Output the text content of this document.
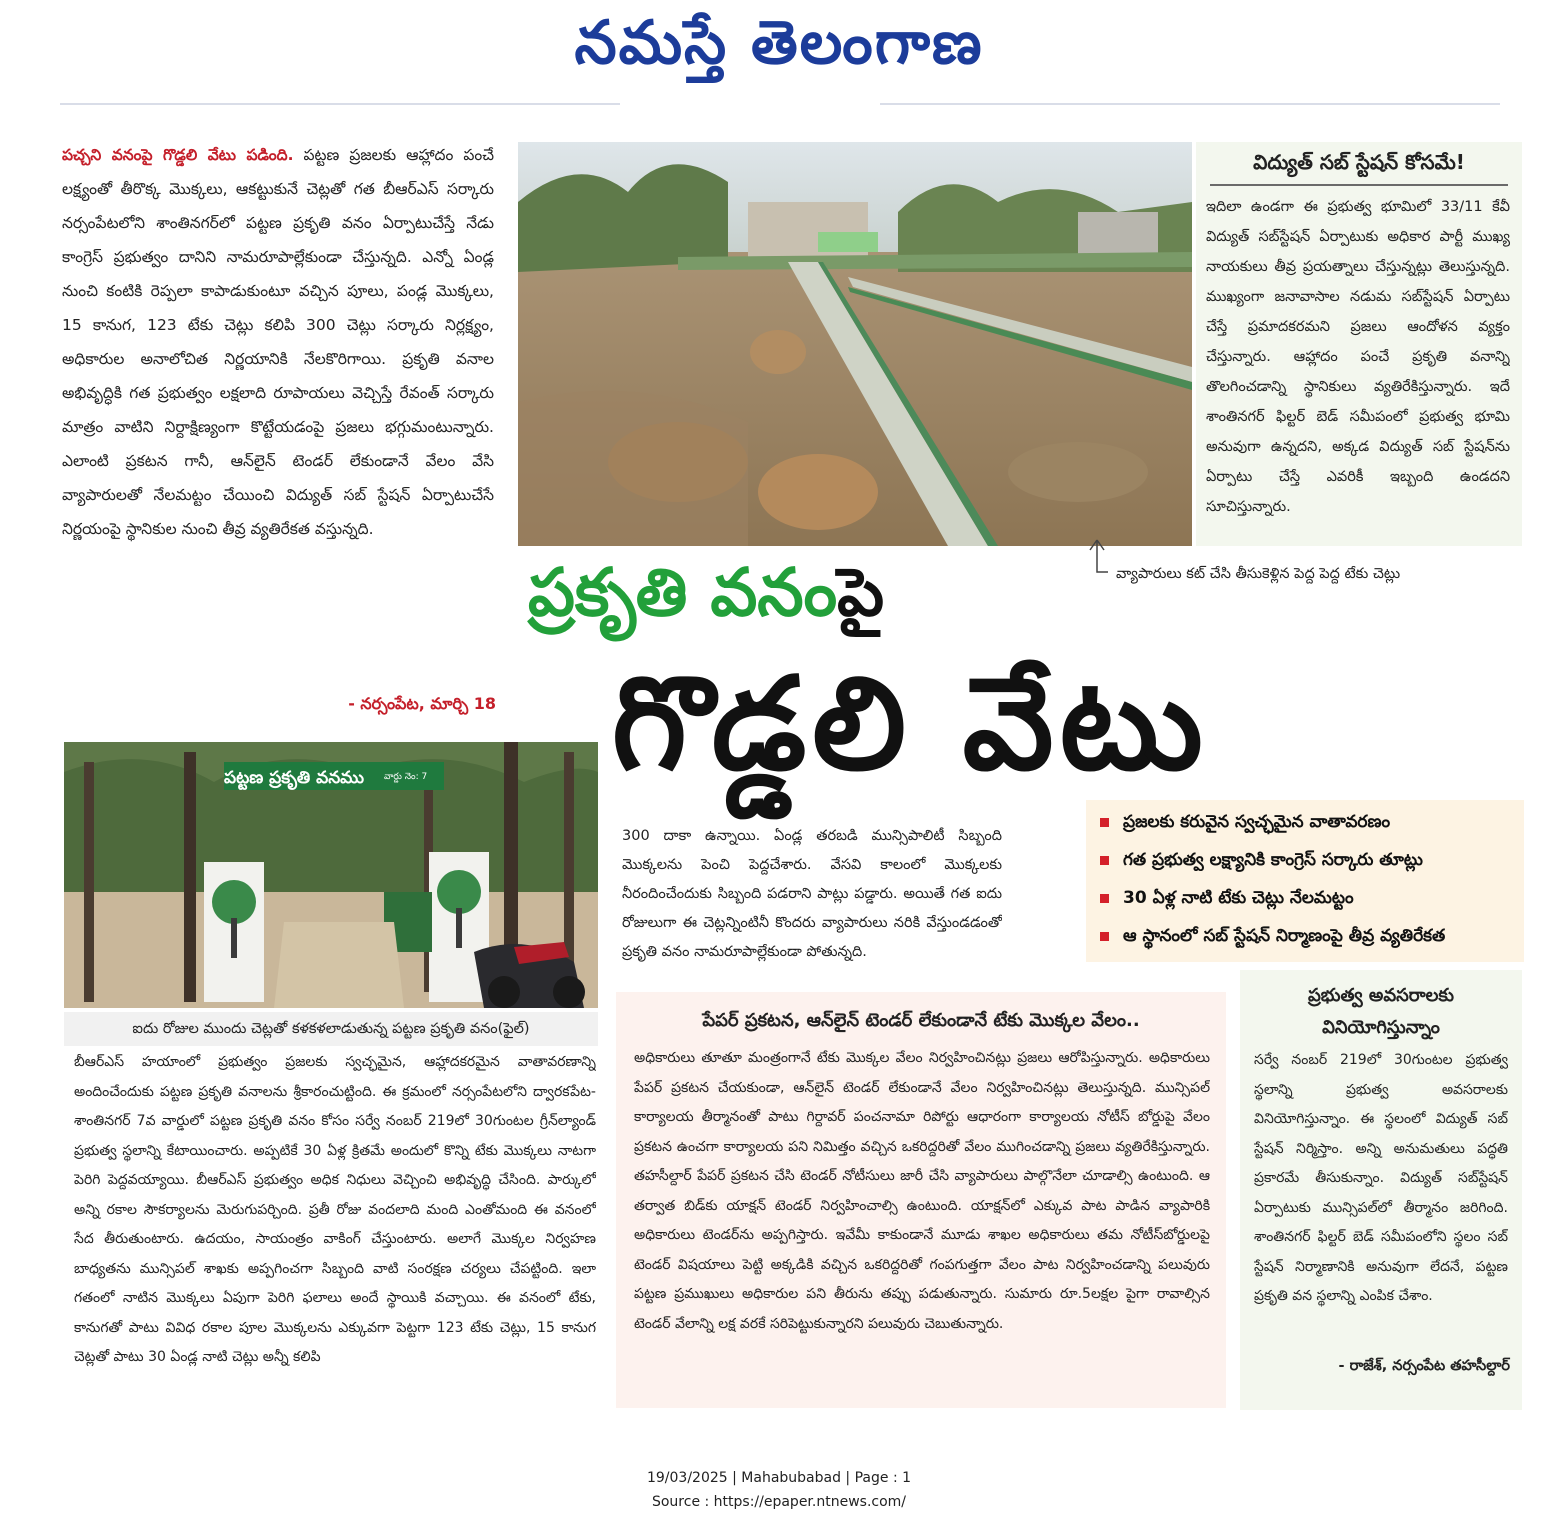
నమస్తే తెలంగాణ
పచ్చని వనంపై గొడ్డలి వేటు పడింది. పట్టణ ప్రజలకు ఆహ్లాదం పంచే లక్ష్యంతో తీరొక్క మొక్కలు, ఆకట్టుకునే చెట్లతో గత బీఆర్ఎస్ సర్కారు నర్సంపేటలోని శాంతినగర్‌లో పట్టణ ప్రకృతి వనం ఏర్పాటుచేస్తే నేడు కాంగ్రెస్ ప్రభుత్వం దానిని నామరూపాల్లేకుండా చేస్తున్నది. ఎన్నో ఏండ్ల నుంచి కంటికి రెప్పలా కాపాడుకుంటూ వచ్చిన పూలు, పండ్ల మొక్కలు, 15 కానుగ, 123 టేకు చెట్లు కలిపి 300 చెట్లు సర్కారు నిర్లక్ష్యం, అధికారుల అనాలోచిత నిర్ణయానికి నేలకొరిగాయి. ప్రకృతి వనాల అభివృద్ధికి గత ప్రభుత్వం లక్షలాది రూపాయలు వెచ్చిస్తే రేవంత్ సర్కారు మాత్రం వాటిని నిర్దాక్షిణ్యంగా కొట్టేయడంపై ప్రజలు భగ్గుమంటున్నారు. ఎలాంటి ప్రకటన గానీ, ఆన్‌లైన్ టెండర్ లేకుండానే వేలం వేసి వ్యాపారులతో నేలమట్టం చేయించి విద్యుత్ సబ్ స్టేషన్ ఏర్పాటుచేసే నిర్ణయంపై స్థానికుల నుంచి తీవ్ర వ్యతిరేకత వస్తున్నది.
- నర్సంపేట, మార్చి 18
వ్యాపారులు కట్ చేసి తీసుకెళ్లిన పెద్ద పెద్ద టేకు చెట్లు
విద్యుత్ సబ్ స్టేషన్ కోసమే!
ఇదిలా ఉండగా ఈ ప్రభుత్వ భూమిలో 33/11 కేవీ విద్యుత్ సబ్‌స్టేషన్ ఏర్పాటుకు అధికార పార్టీ ముఖ్య నాయకులు తీవ్ర ప్రయత్నాలు చేస్తున్నట్లు తెలుస్తున్నది. ముఖ్యంగా జనావాసాల నడుమ సబ్‌స్టేషన్ ఏర్పాటు చేస్తే ప్రమాదకరమని ప్రజలు ఆందోళన వ్యక్తం చేస్తున్నారు. ఆహ్లాదం పంచే ప్రకృతి వనాన్ని తొలగించడాన్ని స్థానికులు వ్యతిరేకిస్తున్నారు. ఇదే శాంతినగర్ ఫిల్టర్ బెడ్ సమీపంలో ప్రభుత్వ భూమి అనువుగా ఉన్నదని, అక్కడ విద్యుత్ సబ్ స్టేషన్‌ను ఏర్పాటు చేస్తే ఎవరికీ ఇబ్బంది ఉండదని సూచిస్తున్నారు.
ప్రకృతి వనంపై
గొడ్డలి వేటు
పట్టణ ప్రకృతి వనము	వార్డు నెం: 7
ఐదు రోజుల ముందు చెట్లతో కళకళలాడుతున్న పట్టణ ప్రకృతి వనం(ఫైల్)
300 దాకా ఉన్నాయి. ఏండ్ల తరబడి మున్సిపాలిటీ సిబ్బంది మొక్కలను పెంచి పెద్దచేశారు. వేసవి కాలంలో మొక్కలకు నీరందించేందుకు సిబ్బంది పడరాని పాట్లు పడ్డారు. అయితే గత ఐదు రోజులుగా ఈ చెట్లన్నింటినీ కొందరు వ్యాపారులు నరికి వేస్తుండడంతో ప్రకృతి వనం నామరూపాల్లేకుండా పోతున్నది.
ప్రజలకు కరువైన స్వచ్ఛమైన వాతావరణం
గత ప్రభుత్వ లక్ష్యానికి కాంగ్రెస్ సర్కారు తూట్లు
30 ఏళ్ల నాటి టేకు చెట్లు నేలమట్టం
ఆ స్థానంలో సబ్ స్టేషన్ నిర్మాణంపై తీవ్ర వ్యతిరేకత
బీఆర్ఎస్ హయాంలో ప్రభుత్వం ప్రజలకు స్వచ్ఛమైన, ఆహ్లాదకరమైన వాతావరణాన్ని అందించేందుకు పట్టణ ప్రకృతి వనాలను శ్రీకారంచుట్టింది. ఈ క్రమంలో నర్సంపేటలోని ద్వారకపేట-శాంతినగర్ 7వ వార్డులో పట్టణ ప్రకృతి వనం కోసం సర్వే నంబర్ 219లో 30గుంటల గ్రీన్‌ల్యాండ్ ప్రభుత్వ స్థలాన్ని కేటాయించారు. అప్పటికే 30 ఏళ్ల క్రితమే అందులో కొన్ని టేకు మొక్కలు నాటగా పెరిగి పెద్దవయ్యాయి. బీఆర్ఎస్ ప్రభుత్వం అధిక నిధులు వెచ్చించి అభివృద్ధి చేసింది. పార్కులో అన్ని రకాల సౌకర్యాలను మెరుగుపర్చింది. ప్రతీ రోజు వందలాది మంది ఎంతోమంది ఈ వనంలో సేద తీరుతుంటారు. ఉదయం, సాయంత్రం వాకింగ్ చేస్తుంటారు. అలాగే మొక్కల నిర్వహణ బాధ్యతను మున్సిపల్ శాఖకు అప్పగించగా సిబ్బంది వాటి సంరక్షణ చర్యలు చేపట్టింది. ఇలా గతంలో నాటిన మొక్కలు ఏపుగా పెరిగి ఫలాలు అందే స్థాయికి వచ్చాయి. ఈ వనంలో టేకు, కానుగతో పాటు వివిధ రకాల పూల మొక్కలను ఎక్కువగా పెట్టగా 123 టేకు చెట్లు, 15 కానుగ చెట్లతో పాటు 30 ఏండ్ల నాటి చెట్లు అన్నీ కలిపి
పేపర్ ప్రకటన, ఆన్‌లైన్ టెండర్ లేకుండానే టేకు మొక్కల వేలం..
అధికారులు తూతూ మంత్రంగానే టేకు మొక్కల వేలం నిర్వహించినట్లు ప్రజలు ఆరోపిస్తున్నారు. అధికారులు పేపర్ ప్రకటన చేయకుండా, ఆన్‌లైన్ టెండర్ లేకుండానే వేలం నిర్వహించినట్లు తెలుస్తున్నది. మున్సిపల్ కార్యాలయ తీర్మానంతో పాటు గిర్దావర్ పంచనామా రిపోర్టు ఆధారంగా కార్యాలయ నోటీస్ బోర్డుపై వేలం ప్రకటన ఉంచగా కార్యాలయ పని నిమిత్తం వచ్చిన ఒకరిద్దరితో వేలం ముగించడాన్ని ప్రజలు వ్యతిరేకిస్తున్నారు. తహసీల్దార్ పేపర్ ప్రకటన చేసి టెండర్ నోటీసులు జారీ చేసి వ్యాపారులు పాల్గొనేలా చూడాల్సి ఉంటుంది. ఆ తర్వాత బిడ్‌కు యాక్షన్ టెండర్ నిర్వహించాల్సి ఉంటుంది. యాక్షన్‌లో ఎక్కువ పాట పాడిన వ్యాపారికి అధికారులు టెండర్‌ను అప్పగిస్తారు. ఇవేమీ కాకుండానే మూడు శాఖల అధికారులు తమ నోటీస్‌బోర్డులపై టెండర్ విషయాలు పెట్టి అక్కడికి వచ్చిన ఒకరిద్దరితో గంపగుత్తగా వేలం పాట నిర్వహించడాన్ని పలువురు పట్టణ ప్రముఖులు అధికారుల పని తీరును తప్పు పడుతున్నారు. సుమారు రూ.5లక్షల పైగా రావాల్సిన టెండర్ వేలాన్ని లక్ష వరకే సరిపెట్టుకున్నారని పలువురు చెబుతున్నారు.
ప్రభుత్వ అవసరాలకు వినియోగిస్తున్నాం
సర్వే నంబర్ 219లో 30గుంటల ప్రభుత్వ స్థలాన్ని ప్రభుత్వ అవసరాలకు వినియోగిస్తున్నాం. ఈ స్థలంలో విద్యుత్ సబ్ స్టేషన్ నిర్మిస్తాం. అన్ని అనుమతులు పద్ధతి ప్రకారమే తీసుకున్నాం. విద్యుత్ సబ్‌స్టేషన్ ఏర్పాటుకు మున్సిపల్‌లో తీర్మానం జరిగింది. శాంతినగర్ ఫిల్టర్ బెడ్ సమీపంలోని స్థలం సబ్ స్టేషన్ నిర్మాణానికి అనువుగా లేదనే, పట్టణ ప్రకృతి వన స్థలాన్ని ఎంపిక చేశాం.
- రాజేశ్, నర్సంపేట తహసీల్దార్
19/03/2025 | Mahabubabad | Page : 1
Source : https://epaper.ntnews.com/
